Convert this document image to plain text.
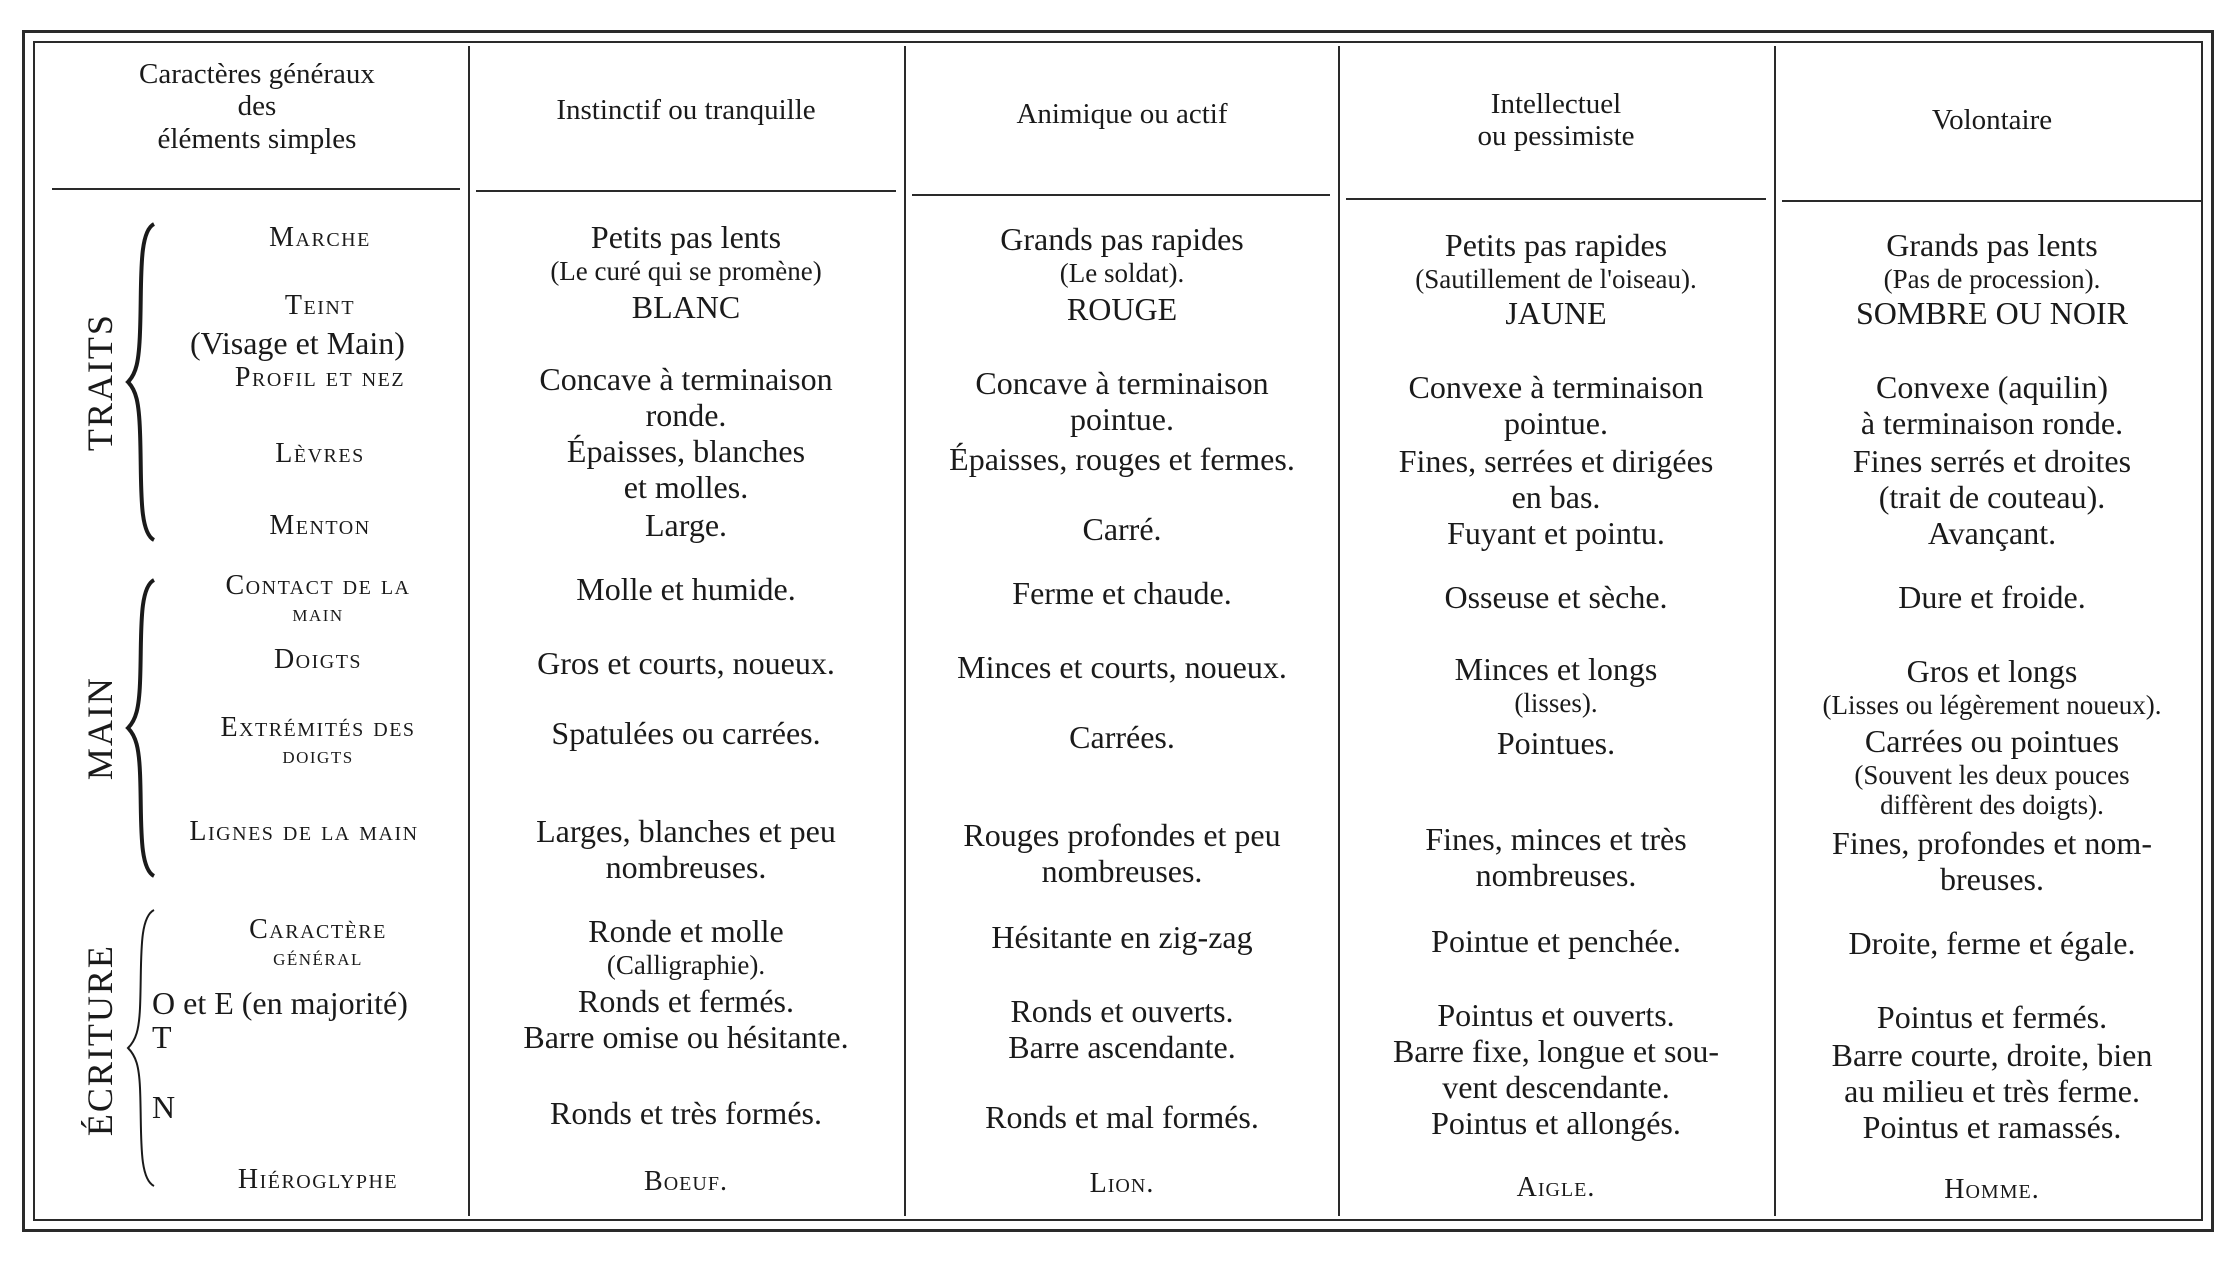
Caractères généraux
des
éléments simples
Instinctif ou tranquille	Animique ou actif	Intellectuel
ou pessimiste
Volontaire
TRAITS
MAIN
ÉCRITURE
Marche
Teint
(Visage et Main)
Profil et nez
Lèvres
Menton
Contact de la
main
Doigts
Extrémités des
doigts
Lignes de la main
Caractère
général
O et E (en majorité)
T
N
Hiéroglyphe
Petits pas lents
(Le curé qui se promène)
BLANC
Concave à terminaison
ronde.
Épaisses, blanches
et molles.
Large.
Molle et humide.
Gros et courts, noueux.
Spatulées ou carrées.
Larges, blanches et peu
nombreuses.
Ronde et molle
(Calligraphie).
Ronds et fermés.
Barre omise ou hésitante.
Ronds et très formés.
Boeuf.
Grands pas rapides
(Le soldat).
ROUGE
Concave à terminaison
pointue.
Épaisses, rouges et fermes.
Carré.
Ferme et chaude.
Minces et courts, noueux.
Carrées.
Rouges profondes et peu
nombreuses.
Hésitante en zig-zag
Ronds et ouverts.
Barre ascendante.
Ronds et mal formés.
Lion.
Petits pas rapides
(Sautillement de l'oiseau).
JAUNE
Convexe à terminaison
pointue.
Fines, serrées et dirigées
en bas.
Fuyant et pointu.
Osseuse et sèche.
Minces et longs
(lisses).
Pointues.
Fines, minces et très
nombreuses.
Pointue et penchée.
Pointus et ouverts.
Barre fixe, longue et sou-
vent descendante.
Pointus et allongés.
Aigle.
Grands pas lents
(Pas de procession).
SOMBRE OU NOIR
Convexe (aquilin)
à terminaison ronde.
Fines serrés et droites
(trait de couteau).
Avançant.
Dure et froide.
Gros et longs
(Lisses ou légèrement noueux).
Carrées ou pointues
(Souvent les deux pouces
diffèrent des doigts).
Fines, profondes et nom-
breuses.
Droite, ferme et égale.
Pointus et fermés.
Barre courte, droite, bien
au milieu et très ferme.
Pointus et ramassés.
Homme.
